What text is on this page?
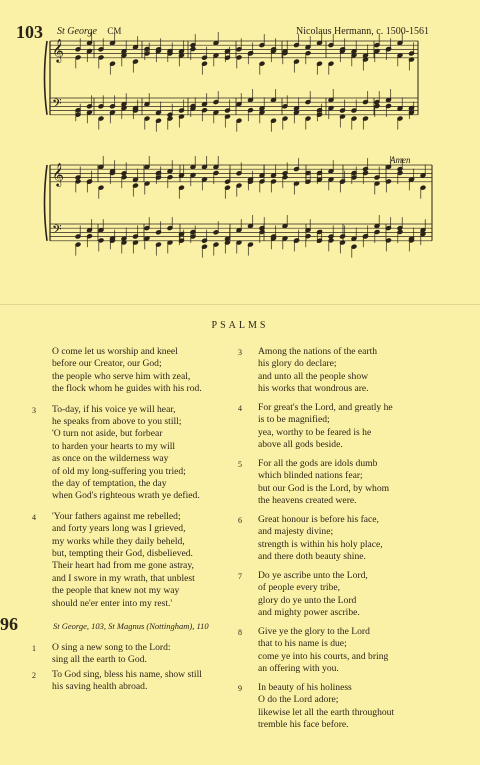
103 St George CM	Nicolaus Hermann, c. 1500-1561
𝄞
𝄢
𝄞
𝄢
Amen
PSALMS
O come let us worship and kneel
before our Creator, our God;
the people who serve him with zeal,
the flock whom he guides with his rod.
3 To-day, if his voice ye will hear,
he speaks from above to you still;
'O turn not aside, but forbear
to harden your hearts to my will
as once on the wilderness way
of old my long-suffering you tried;
the day of temptation, the day
when God's righteous wrath ye defied.
4 'Your fathers against me rebelled;
and forty years long was I grieved,
my works while they daily beheld,
but, tempting their God, disbelieved.
Their heart had from me gone astray,
and I swore in my wrath, that unblest
the people that knew not my way
should ne'er enter into my rest.'
3 Among the nations of the earth
his glory do declare;
and unto all the people show
his works that wondrous are.
4 For great's the Lord, and greatly he
is to be magnified;
yea, worthy to be feared is he
above all gods beside.
5 For all the gods are idols dumb
which blinded nations fear;
but our God is the Lord, by whom
the heavens created were.
6 Great honour is before his face,
and majesty divine;
strength is within his holy place,
and there doth beauty shine.
7 Do ye ascribe unto the Lord,
of people every tribe,
glory do ye unto the Lord
and mighty power ascribe.
8 Give ye the glory to the Lord
that to his name is due;
come ye into his courts, and bring
an offering with you.
9 In beauty of his holiness
O do the Lord adore;
likewise let all the earth throughout
tremble his face before.
96	St George, 103, St Magnus (Nottingham), 110
1 O sing a new song to the Lord:
sing all the earth to God.
2 To God sing, bless his name, show still
his saving health abroad.
